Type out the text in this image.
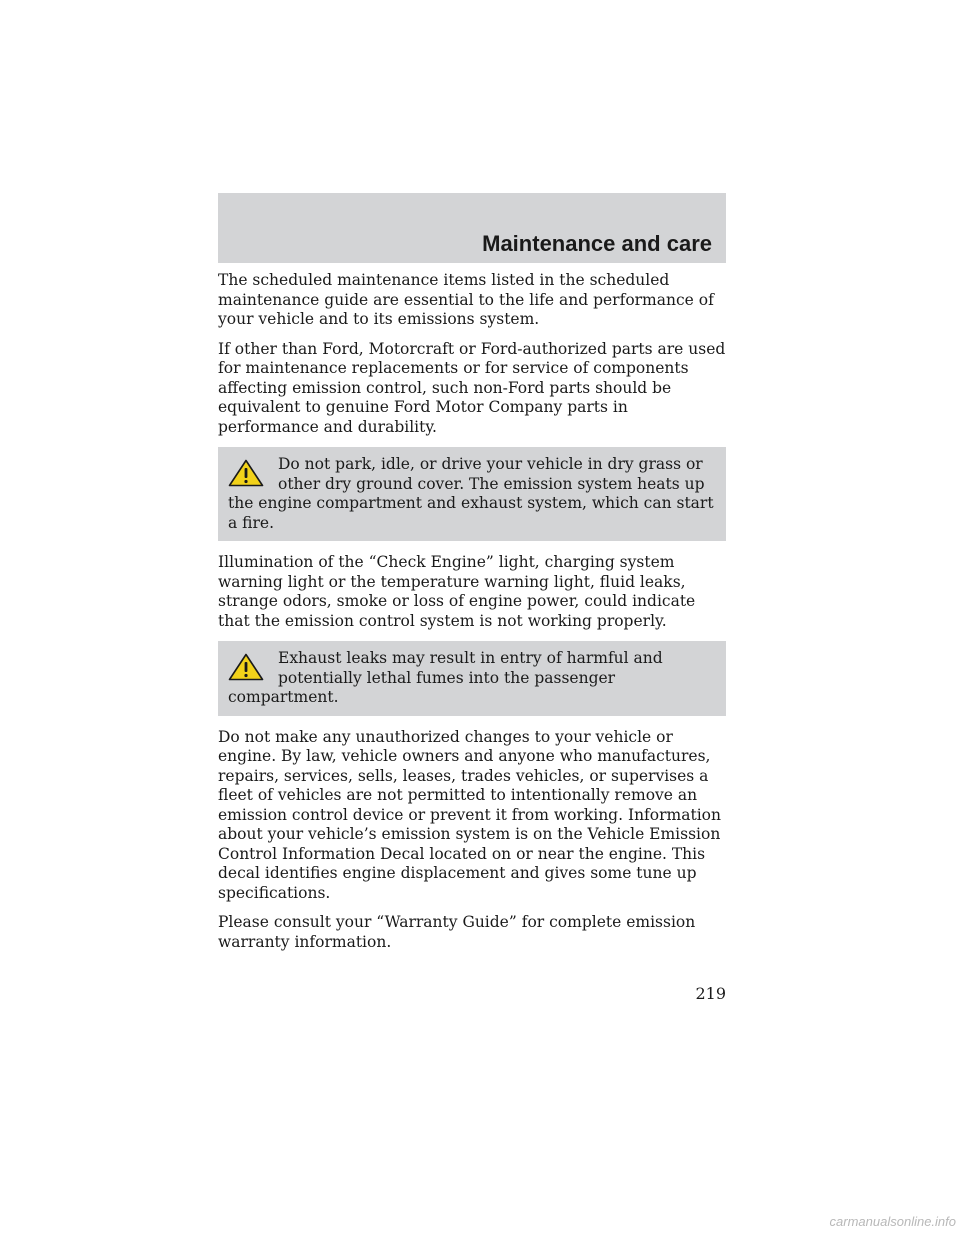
Maintenance and care

The scheduled maintenance items listed in the scheduled maintenance guide are essential to the life and performance of your vehicle and to its emissions system.

If other than Ford, Motorcraft or Ford-authorized parts are used for maintenance replacements or for service of components affecting emission control, such non-Ford parts should be equivalent to genuine Ford Motor Company parts in performance and durability.

Do not park, idle, or drive your vehicle in dry grass or other dry ground cover. The emission system heats up the engine compartment and exhaust system, which can start a fire.

Illumination of the “Check Engine” light, charging system warning light or the temperature warning light, fluid leaks, strange odors, smoke or loss of engine power, could indicate that the emission control system is not working properly.

Exhaust leaks may result in entry of harmful and potentially lethal fumes into the passenger compartment.

Do not make any unauthorized changes to your vehicle or engine. By law, vehicle owners and anyone who manufactures, repairs, services, sells, leases, trades vehicles, or supervises a fleet of vehicles are not permitted to intentionally remove an emission control device or prevent it from working. Information about your vehicle’s emission system is on the Vehicle Emission Control Information Decal located on or near the engine. This decal identifies engine displacement and gives some tune up specifications.

Please consult your “Warranty Guide” for complete emission warranty information.

219
carmanualsonline.info
